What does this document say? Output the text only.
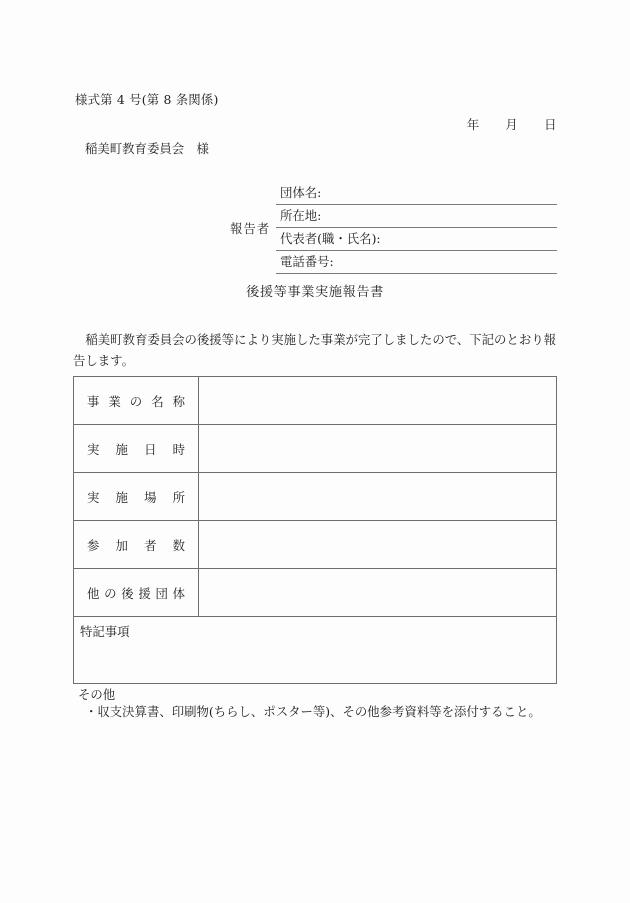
様式第 4 号(第 8 条関係)
年　　月　　日
稲美町教育委員会　様
報告者
団体名:
所在地:
代表者(職・氏名):
電話番号:
後援等事業実施報告書
稲美町教育委員会の後援等により実施した事業が完了しましたので、下記のとおり報告します。
事 業 の 名 称	
実 施 日 時	
実 施 場 所	
参 加 者 数	
他 の 後 援 団 体	
特記事項	
その他
・収支決算書、印刷物(ちらし、ポスター等)、その他参考資料等を添付すること。
